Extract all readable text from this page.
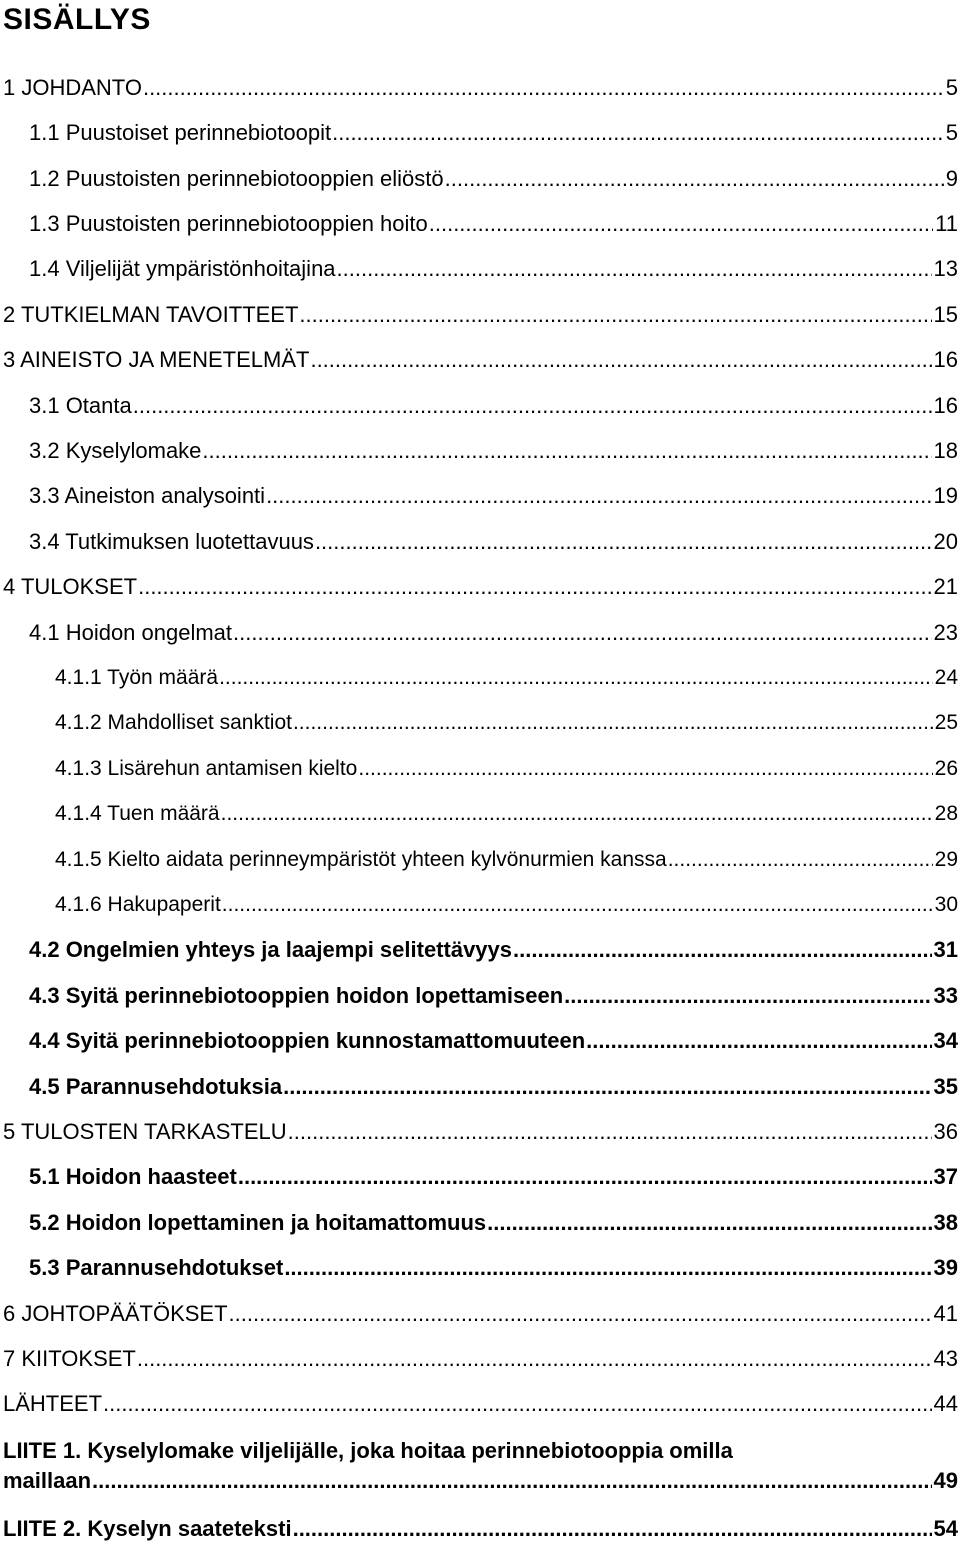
SISÄLLYS
1 JOHDANTO .....	5
1.1 Puustoiset perinnebiotoopit .....	5
1.2 Puustoisten perinnebiotooppien eliöstö .....	9
1.3 Puustoisten perinnebiotooppien hoito .....	11
1.4 Viljelijät ympäristönhoitajina .....	13
2 TUTKIELMAN TAVOITTEET .....	15
3 AINEISTO JA MENETELMÄT .....	16
3.1 Otanta .....	16
3.2 Kyselylomake .....	18
3.3 Aineiston analysointi .....	19
3.4 Tutkimuksen luotettavuus .....	20
4 TULOKSET .....	21
4.1 Hoidon ongelmat .....	23
4.1.1 Työn määrä .....	24
4.1.2 Mahdolliset sanktiot .....	25
4.1.3 Lisärehun antamisen kielto .....	26
4.1.4 Tuen määrä .....	28
4.1.5 Kielto aidata perinneympäristöt yhteen kylvönurmien kanssa .....	29
4.1.6 Hakupaperit .....	30
4.2 Ongelmien yhteys ja laajempi selitettävyys .....	31
4.3 Syitä perinnebiotooppien hoidon lopettamiseen .....	33
4.4 Syitä perinnebiotooppien kunnostamattomuuteen .....	34
4.5 Parannusehdotuksia .....	35
5 TULOSTEN TARKASTELU .....	36
5.1 Hoidon haasteet .....	37
5.2 Hoidon lopettaminen ja hoitamattomuus .....	38
5.3 Parannusehdotukset .....	39
6 JOHTOPÄÄTÖKSET .....	41
7 KIITOKSET .....	43
LÄHTEET .....	44
LIITE 1. Kyselylomake viljelijälle, joka hoitaa perinnebiotooppia omilla
maillaan .....	49
LIITE 2. Kyselyn saateteksti .....	54
